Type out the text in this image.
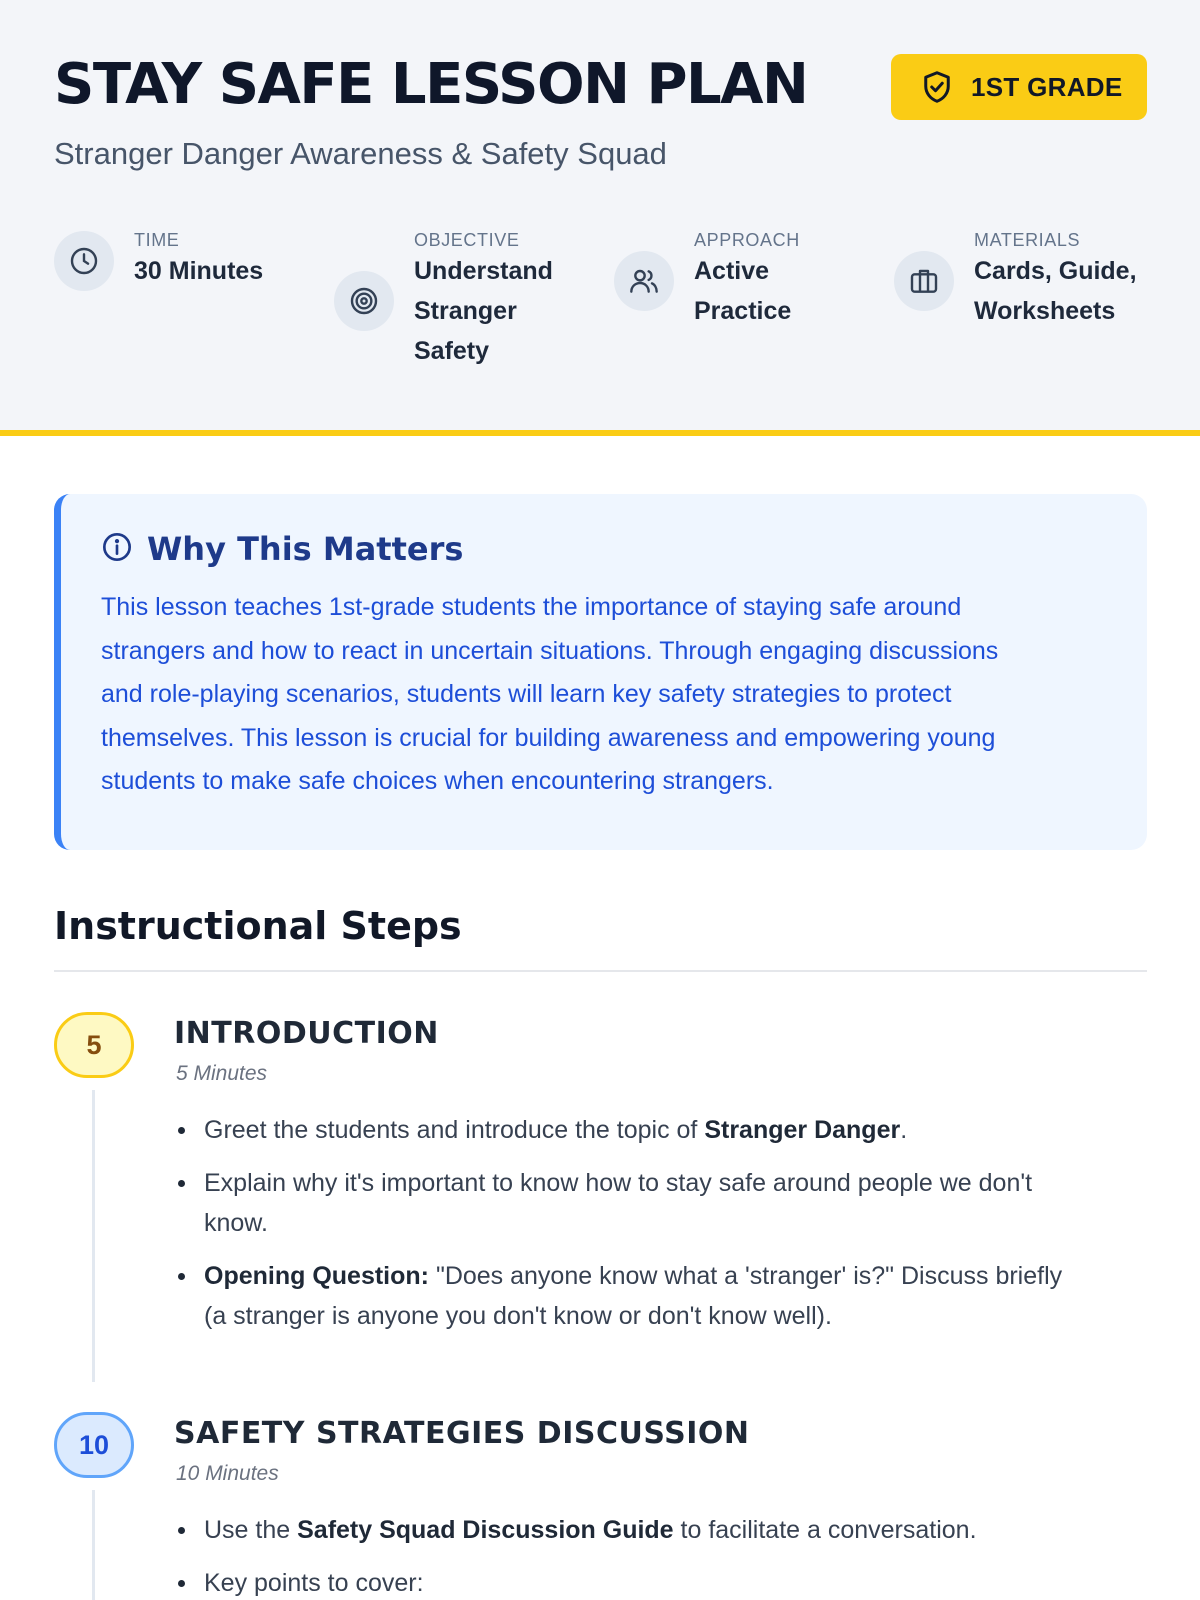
STAY SAFE LESSON PLAN
Stranger Danger Awareness & Safety Squad
1ST GRADE
TIME
30 Minutes
OBJECTIVE
Understand
Stranger
Safety
APPROACH
Active
Practice
MATERIALS
Cards, Guide,
Worksheets
Why This Matters
This lesson teaches 1st-grade students the importance of staying safe around
strangers and how to react in uncertain situations. Through engaging discussions
and role-playing scenarios, students will learn key safety strategies to protect
themselves. This lesson is crucial for building awareness and empowering young
students to make safe choices when encountering strangers.
Instructional Steps
5	INTRODUCTION
5 Minutes
Greet the students and introduce the topic of Stranger Danger.
Explain why it's important to know how to stay safe around people we don't
know.
Opening Question: "Does anyone know what a 'stranger' is?" Discuss briefly
(a stranger is anyone you don't know or don't know well).
10	SAFETY STRATEGIES DISCUSSION
10 Minutes
Use the Safety Squad Discussion Guide to facilitate a conversation.
Key points to cover:
